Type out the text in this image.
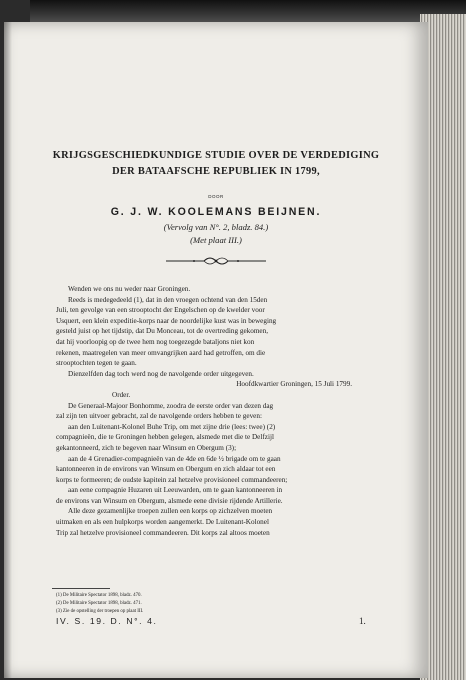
KRIJGSGESCHIEDKUNDIGE STUDIE OVER DE VERDEDIGING
DER BATAAFSCHE REPUBLIEK IN 1799,
DOOR
G. J. W. KOOLEMANS BEIJNEN.
(Vervolg van N°. 2, bladz. 84.)
(Met plaat III.)
Wenden we ons nu weder naar Groningen.
Reeds is medegedeeld (1), dat in den vroegen ochtend van den 15den
Juli, ten gevolge van een strooptocht der Engelschen op de kwelder voor
Usquert, een klein expeditie-korps naar de noordelijke kust was in beweging
gesteld juist op het tijdstip, dat Du Monceau, tot de overtreding gekomen,
dat hij voorloopig op de twee hem nog toegezegde bataljons niet kon
rekenen, maatregelen van meer omvangrijken aard had getroffen, om die
strooptochten tegen te gaan.
Dienzelfden dag toch werd nog de navolgende order uitgegeven.
Hoofdkwartier Groningen, 15 Juli 1799.
Order.
De Generaal-Majoor Bonhomme, zoodra de eerste order van dezen dag
zal zijn ten uitvoer gebracht, zal de navolgende orders hebben te geven:
aan den Luitenant-Kolonel Buhe Trip, om met zijne drie (lees: twee) (2)
compagnieën, die te Groningen hebben gelegen, alsmede met die te Delfzijl
gekantonneerd, zich te begeven naar Winsum en Obergum (3);
aan de 4 Grenadier-compagnieën van de 4de en 6de ½ brigade om te gaan
kantonneeren in de environs van Winsum en Obergum en zich aldaar tot een
korps te formeeren; de oudste kapitein zal hetzelve provisioneel commandeeren;
aan eene compagnie Huzaren uit Leeuwarden, om te gaan kantonneeren in
de environs van Winsum en Obergum, alsmede eene divisie rijdende Artillerie.
Alle deze gezamenlijke troepen zullen een korps op zichzelven moeten
uitmaken en als een hulpkorps worden aangemerkt. De Luitenant-Kolonel
Trip zal hetzelve provisioneel commandeeren. Dit korps zal altoos moeten
(1) De Militaire Spectator 1898, bladz. 470.
(2) De Militaire Spectator 1898, bladz. 471.
(3) Zie de opstelling der troepen op plaat III.
IV. S. 19. D. N°. 4.	1.
